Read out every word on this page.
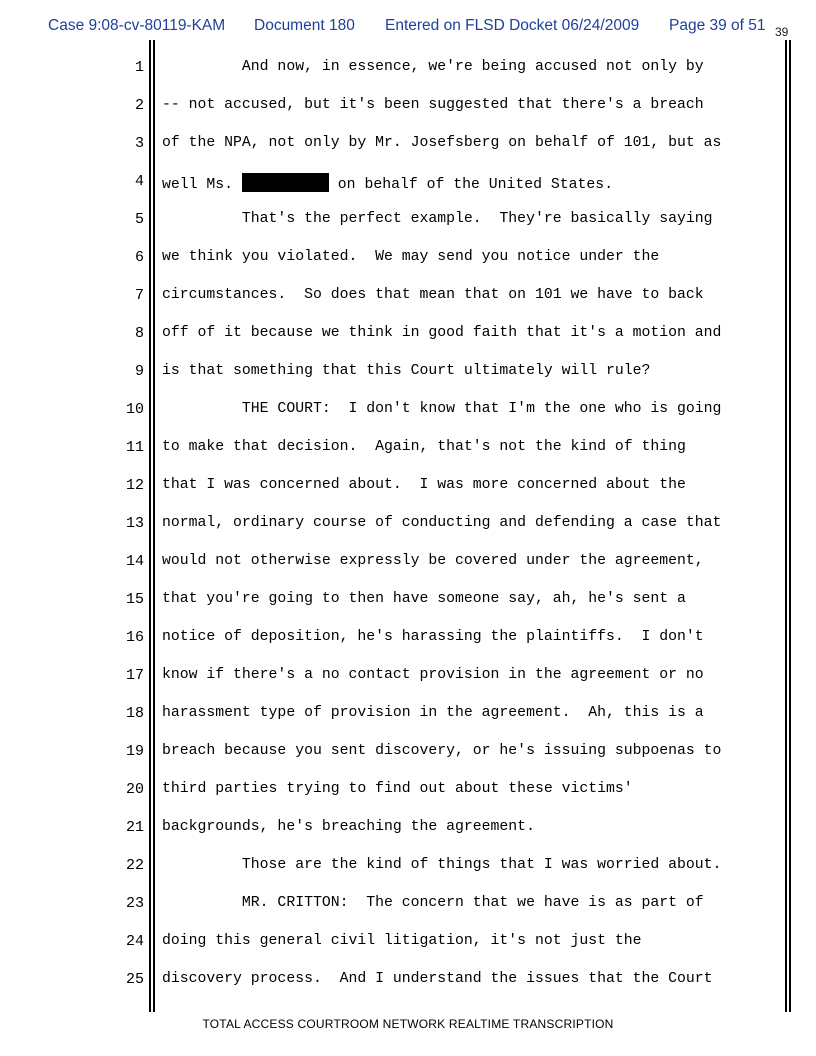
Case 9:08-cv-80119-KAM Document 180 Entered on FLSD Docket 06/24/2009 Page 39 of 51 39
1 And now, in essence, we're being accused not only by
2 -- not accused, but it's been suggested that there's a breach
3 of the NPA, not only by Mr. Josefsberg on behalf of 101, but as
4 well Ms.	on behalf of the United States.
5 That's the perfect example.  They're basically saying
6 we think you violated.  We may send you notice under the
7 circumstances.  So does that mean that on 101 we have to back
8 off of it because we think in good faith that it's a motion and
9 is that something that this Court ultimately will rule?
10 THE COURT:  I don't know that I'm the one who is going
11 to make that decision.  Again, that's not the kind of thing
12 that I was concerned about.  I was more concerned about the
13 normal, ordinary course of conducting and defending a case that
14 would not otherwise expressly be covered under the agreement,
15 that you're going to then have someone say, ah, he's sent a
16 notice of deposition, he's harassing the plaintiffs.  I don't
17 know if there's a no contact provision in the agreement or no
18 harassment type of provision in the agreement.  Ah, this is a
19 breach because you sent discovery, or he's issuing subpoenas to
20 third parties trying to find out about these victims'
21 backgrounds, he's breaching the agreement.
22 Those are the kind of things that I was worried about.
23 MR. CRITTON:  The concern that we have is as part of
24 doing this general civil litigation, it's not just the
25 discovery process.  And I understand the issues that the Court
TOTAL ACCESS COURTROOM NETWORK REALTIME TRANSCRIPTION
